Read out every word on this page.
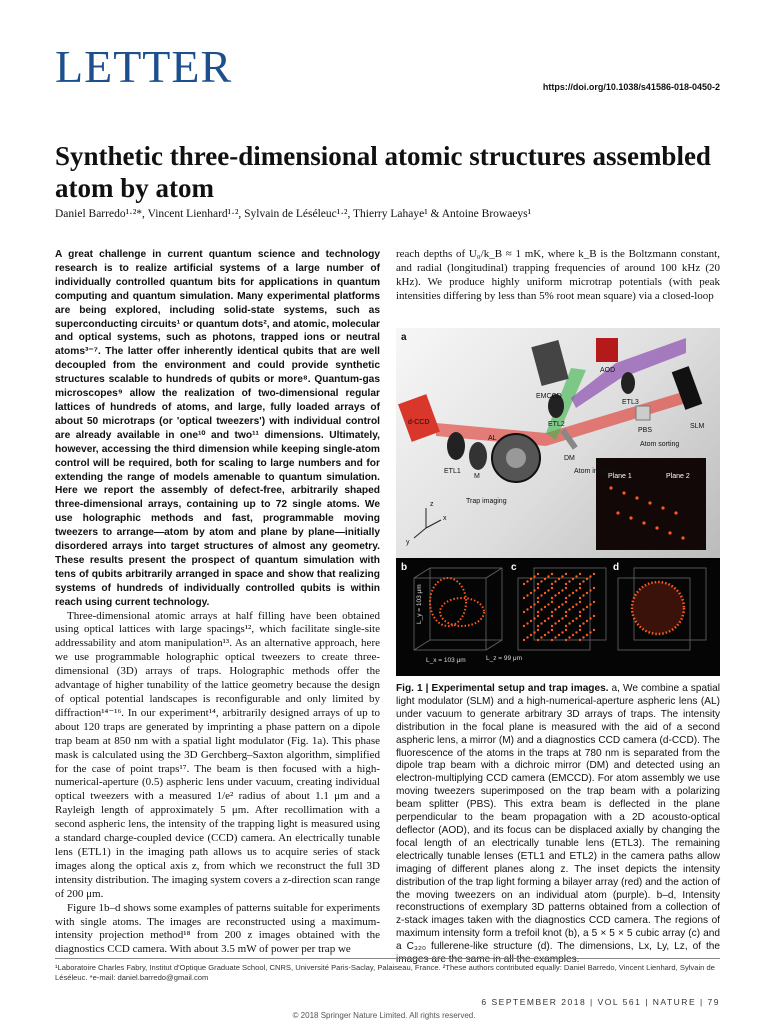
LETTER	https://doi.org/10.1038/s41586-018-0450-2
Synthetic three-dimensional atomic structures assembled atom by atom
Daniel Barredo¹·²*, Vincent Lienhard¹·², Sylvain de Léséleuc¹·², Thierry Lahaye¹ & Antoine Browaeys¹
A great challenge in current quantum science and technology research is to realize artificial systems of a large number of individually controlled quantum bits for applications in quantum computing and quantum simulation. Many experimental platforms are being explored, including solid-state systems, such as superconducting circuits¹ or quantum dots², and atomic, molecular and optical systems, such as photons, trapped ions or neutral atoms³⁻⁷. The latter offer inherently identical qubits that are well decoupled from the environment and could provide synthetic structures scalable to hundreds of qubits or more⁸. Quantum-gas microscopes⁹ allow the realization of two-dimensional regular lattices of hundreds of atoms, and large, fully loaded arrays of about 50 microtraps (or 'optical tweezers') with individual control are already available in one¹⁰ and two¹¹ dimensions. Ultimately, however, accessing the third dimension while keeping single-atom control will be required, both for scaling to large numbers and for extending the range of models amenable to quantum simulation. Here we report the assembly of defect-free, arbitrarily shaped three-dimensional arrays, containing up to 72 single atoms. We use holographic methods and fast, programmable moving tweezers to arrange—atom by atom and plane by plane—initially disordered arrays into target structures of almost any geometry. These results present the prospect of quantum simulation with tens of qubits arbitrarily arranged in space and show that realizing systems of hundreds of individually controlled qubits is within reach using current technology.
Three-dimensional atomic arrays at half filling have been obtained using optical lattices with large spacings¹², which facilitate single-site addressability and atom manipulation¹³. As an alternative approach, here we use programmable holographic optical tweezers to create three-dimensional (3D) arrays of traps. Holographic methods offer the advantage of higher tunability of the lattice geometry because the design of optical potential landscapes is reconfigurable and only limited by diffraction¹⁴⁻¹⁶. In our experiment¹⁴, arbitrarily designed arrays of up to about 120 traps are generated by imprinting a phase pattern on a dipole trap beam at 850 nm with a spatial light modulator (Fig. 1a). This phase mask is calculated using the 3D Gerchberg–Saxton algorithm, simplified for the case of point traps¹⁷. The beam is then focused with a high-numerical-aperture (0.5) aspheric lens under vacuum, creating individual optical tweezers with a measured 1/e² radius of about 1.1 μm and a Rayleigh length of approximately 5 μm. After recollimation with a second aspheric lens, the intensity of the trapping light is measured using a standard charge-coupled device (CCD) camera. An electrically tunable lens (ETL1) in the imaging path allows us to acquire series of stack images along the optical axis z, from which we reconstruct the full 3D intensity distribution. The imaging system covers a z-direction scan range of 200 μm.
Figure 1b–d shows some examples of patterns suitable for experiments with single atoms. The images are reconstructed using a maximum-intensity projection method¹⁸ from 200 z images obtained with the diagnostics CCD camera. With about 3.5 mW of power per trap we
reach depths of U₀/k_B ≈ 1 mK, where k_B is the Boltzmann constant, and radial (longitudinal) trapping frequencies of around 100 kHz (20 kHz). We produce highly uniform microtrap potentials (with peak intensities differing by less than 5% root mean square) via a closed-loop
d-CCD
ETL1
M
Trap imaging
AL
EMCCD
ETL2
DM
Atom imaging
AOD
ETL3
PBS
Atom sorting
SLM
z
x
y
Plane 1	Plane 2
a
L_y = 103 μm
L_x = 103 μm	L_z = 99 μm
b	c	d
Fig. 1 | Experimental setup and trap images. a, We combine a spatial light modulator (SLM) and a high-numerical-aperture aspheric lens (AL) under vacuum to generate arbitrary 3D arrays of traps. The intensity distribution in the focal plane is measured with the aid of a second aspheric lens, a mirror (M) and a diagnostics CCD camera (d-CCD). The fluorescence of the atoms in the traps at 780 nm is separated from the dipole trap beam with a dichroic mirror (DM) and detected using an electron-multiplying CCD camera (EMCCD). For atom assembly we use moving tweezers superimposed on the trap beam with a polarizing beam splitter (PBS). This extra beam is deflected in the plane perpendicular to the beam propagation with a 2D acousto-optical deflector (AOD), and its focus can be displaced axially by changing the focal length of an electrically tunable lens (ETL3). The remaining electrically tunable lenses (ETL1 and ETL2) in the camera paths allow imaging of different planes along z. The inset depicts the intensity distribution of the trap light forming a bilayer array (red) and the action of the moving tweezers on an individual atom (purple). b–d, Intensity reconstructions of exemplary 3D patterns obtained from a collection of z-stack images taken with the diagnostics CCD camera. The regions of maximum intensity form a trefoil knot (b), a 5 × 5 × 5 cubic array (c) and a C₃₂₀ fullerene-like structure (d). The dimensions, Lx, Ly, Lz, of the images are the same in all the examples.
¹Laboratoire Charles Fabry, Institut d'Optique Graduate School, CNRS, Université Paris-Saclay, Palaiseau, France. ²These authors contributed equally: Daniel Barredo, Vincent Lienhard, Sylvain de Léséleuc. *e-mail: daniel.barredo@gmail.com
6 SEPTEMBER 2018 | VOL 561 | NATURE | 79
© 2018 Springer Nature Limited. All rights reserved.
